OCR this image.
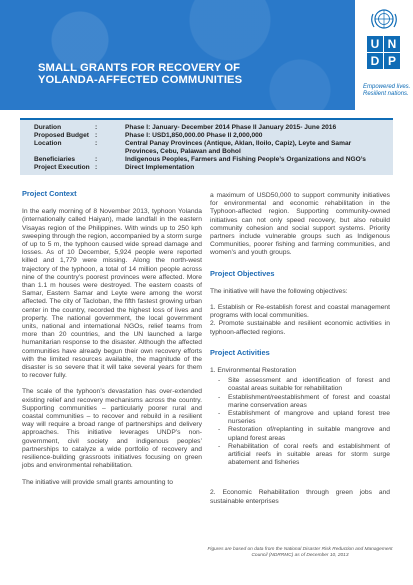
SMALL GRANTS FOR RECOVERY OF
YOLANDA-AFFECTED COMMUNITIES
U N
D P
Empowered lives. Resilient nations.
Duration	:	Phase I: January- December 2014 Phase II January 2015- June 2016
Proposed Budget :	Phase I: USD1,850,000.00 Phase II 2,000,000
Location	:	Central Panay Provinces (Antique, Aklan, Iloilo, Capiz), Leyte and Samar Provinces, Cebu, Palawan and Bohol
Beneficiaries	:	Indigenous Peoples, Farmers and Fishing People’s Organizations and NGO’s
Project Execution :	Direct Implementation
Project Context

In the early morning of 8 November 2013, typhoon Yolanda (internationally called Haiyan), made landfall in the eastern Visayas region of the Philippines. With winds up to 250 kph sweeping through the region, accompanied by a storm surge of up to 5 m, the typhoon caused wide spread damage and losses. As of 10 December, 5,924 people were reported killed and 1,779 were missing. Along the north-west trajectory of the typhoon, a total of 14 million people across nine of the country’s poorest provinces were affected. More than 1.1 m houses were destroyed. The eastern coasts of Samar, Eastern Samar and Leyte were among the worst affected. The city of Tacloban, the fifth fastest growing urban center in the country, recorded the highest loss of lives and property. The national government, the local government units, national and international NGOs, relief teams from more than 20 countries, and the UN launched a large humanitarian response to the disaster. Although the affected communities have already begun their own recovery efforts with the limited resources available, the magnitude of the disaster is so severe that it will take several years for them to recover fully.

The scale of the typhoon’s devastation has over-extended existing relief and recovery mechanisms across the country. Supporting communities – particularly poorer rural and coastal communities – to recover and rebuild in a resilient way will require a broad range of partnerships and delivery approaches. This initiative leverages UNDP’s non-government, civil society and indigenous peoples’ partnerships to catalyze a wide portfolio of recovery and resilience-building grassroots initiatives focusing on green jobs and environmental rehabilitation.

The initiative will provide small grants amounting to

a maximum of USD50,000 to support community initiatives for environmental and economic rehabilitation in the Typhoon-affected region. Supporting community-owned initiatives can not only speed recovery, but also rebuild community cohesion and social support systems. Priority partners include vulnerable groups such as Indigenous Communities, poorer fishing and farming communities, and women’s and youth groups.

Project Objectives

The initiative will have the following objectives:

1. Establish or Re-establish forest and coastal management programs with local communities.
2. Promote sustainable and resilient economic activities in typhoon-affected regions.
Project Activities
1. Environmental Restoration
- Site assessment and identification of forest and coastal areas suitable for rehabilitation
- Establishment/reestablishment of forest and coastal marine conservation areas
- Establishment of mangrove and upland forest tree nurseries
- Restoration of/replanting in suitable mangrove and upland forest areas
- Rehabilitation of coral reefs and establishment of artificial reefs in suitable areas for storm surge abatement and fisheries
2. Economic Rehabilitation through green jobs and sustainable enterprises
Figures are based on data from the National Disaster Risk Reduction and Management Council (NDRRMC) as of December 10, 2013
